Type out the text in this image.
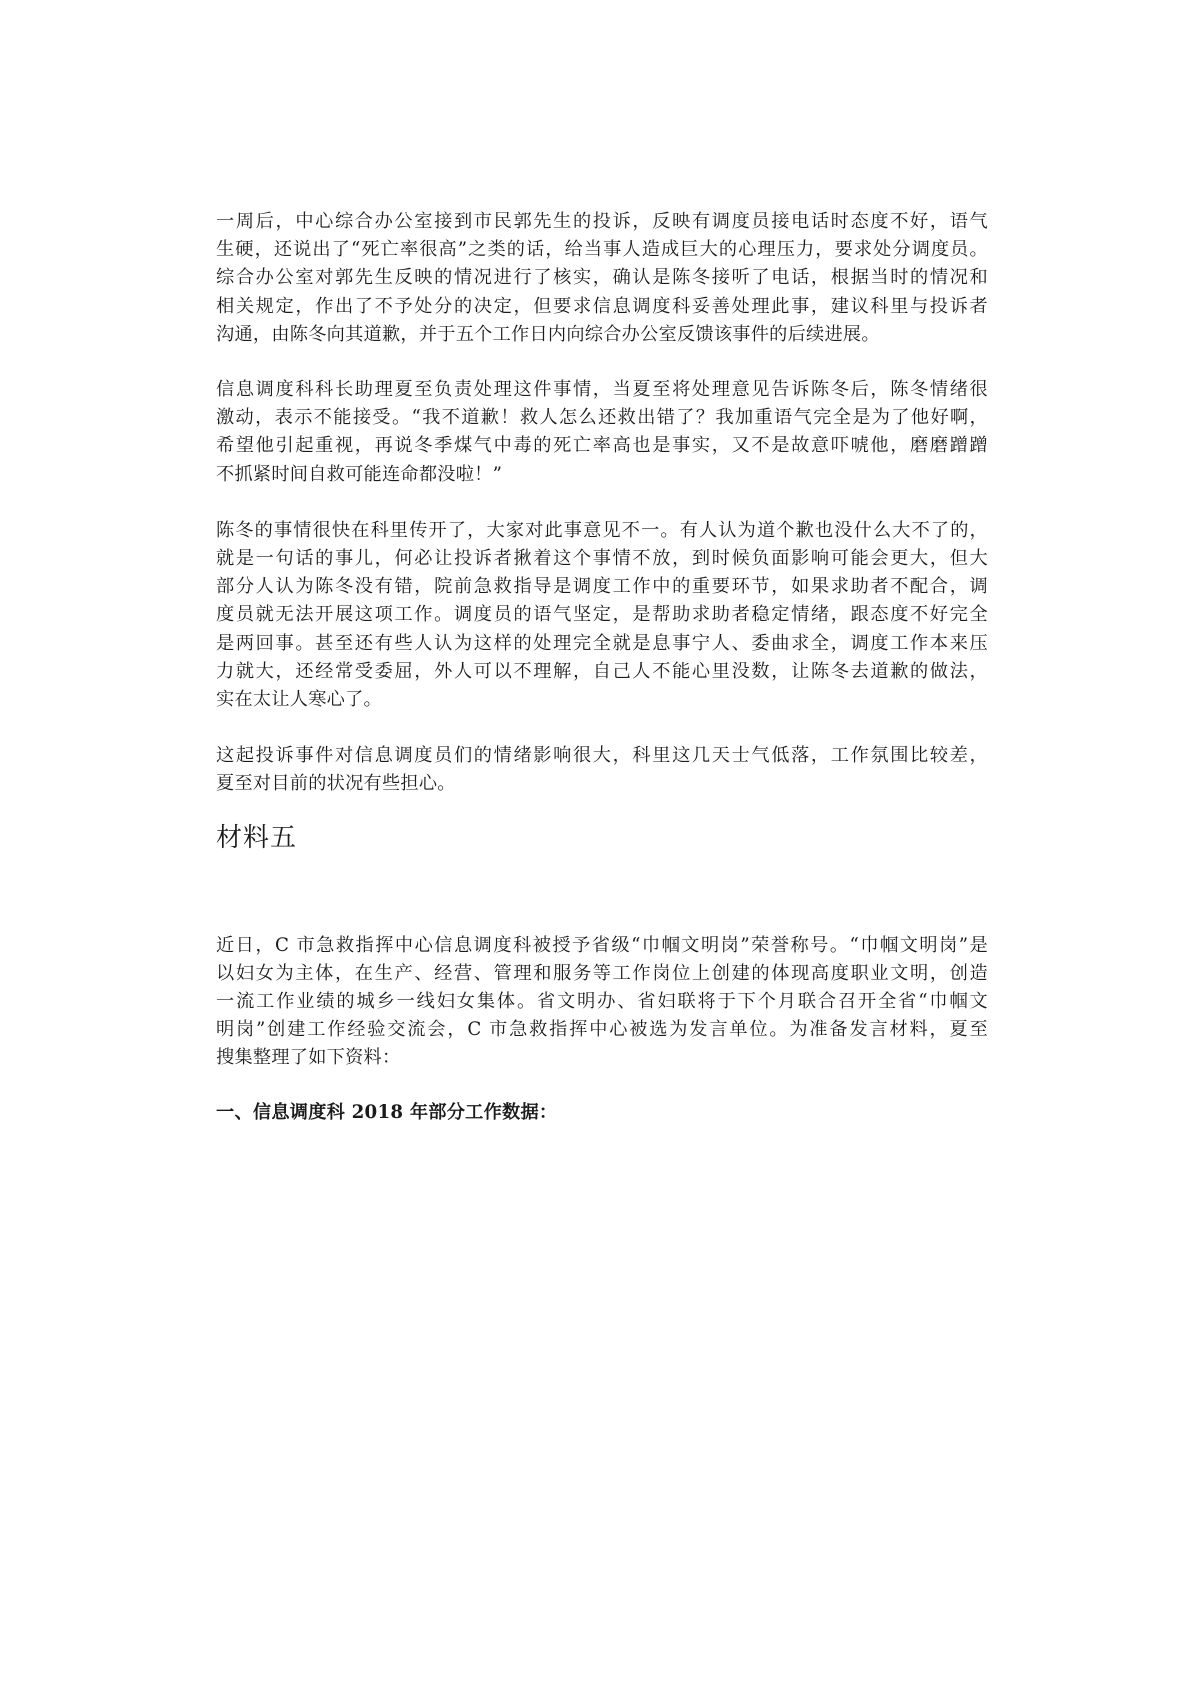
一周后，中心综合办公室接到市民郭先生的投诉，反映有调度员接电话时态度不好，语气
生硬，还说出了“死亡率很高”之类的话，给当事人造成巨大的心理压力，要求处分调度员。
综合办公室对郭先生反映的情况进行了核实，确认是陈冬接听了电话，根据当时的情况和
相关规定，作出了不予处分的决定，但要求信息调度科妥善处理此事，建议科里与投诉者
沟通，由陈冬向其道歉，并于五个工作日内向综合办公室反馈该事件的后续进展。

信息调度科科长助理夏至负责处理这件事情，当夏至将处理意见告诉陈冬后，陈冬情绪很
激动，表示不能接受。“我不道歉！救人怎么还救出错了？我加重语气完全是为了他好啊，
希望他引起重视，再说冬季煤气中毒的死亡率高也是事实，又不是故意吓唬他，磨磨蹭蹭
不抓紧时间自救可能连命都没啦！”

陈冬的事情很快在科里传开了，大家对此事意见不一。有人认为道个歉也没什么大不了的，
就是一句话的事儿，何必让投诉者揪着这个事情不放，到时候负面影响可能会更大，但大
部分人认为陈冬没有错，院前急救指导是调度工作中的重要环节，如果求助者不配合，调
度员就无法开展这项工作。调度员的语气坚定，是帮助求助者稳定情绪，跟态度不好完全
是两回事。甚至还有些人认为这样的处理完全就是息事宁人、委曲求全，调度工作本来压
力就大，还经常受委屈，外人可以不理解，自己人不能心里没数，让陈冬去道歉的做法，
实在太让人寒心了。

这起投诉事件对信息调度员们的情绪影响很大，科里这几天士气低落，工作氛围比较差，
夏至对目前的状况有些担心。

材料五

近日，C 市急救指挥中心信息调度科被授予省级“巾帼文明岗”荣誉称号。“巾帼文明岗”是
以妇女为主体，在生产、经营、管理和服务等工作岗位上创建的体现高度职业文明，创造
一流工作业绩的城乡一线妇女集体。省文明办、省妇联将于下个月联合召开全省“巾帼文
明岗”创建工作经验交流会，C 市急救指挥中心被选为发言单位。为准备发言材料，夏至
搜集整理了如下资料：

一、信息调度科 2018 年部分工作数据：
